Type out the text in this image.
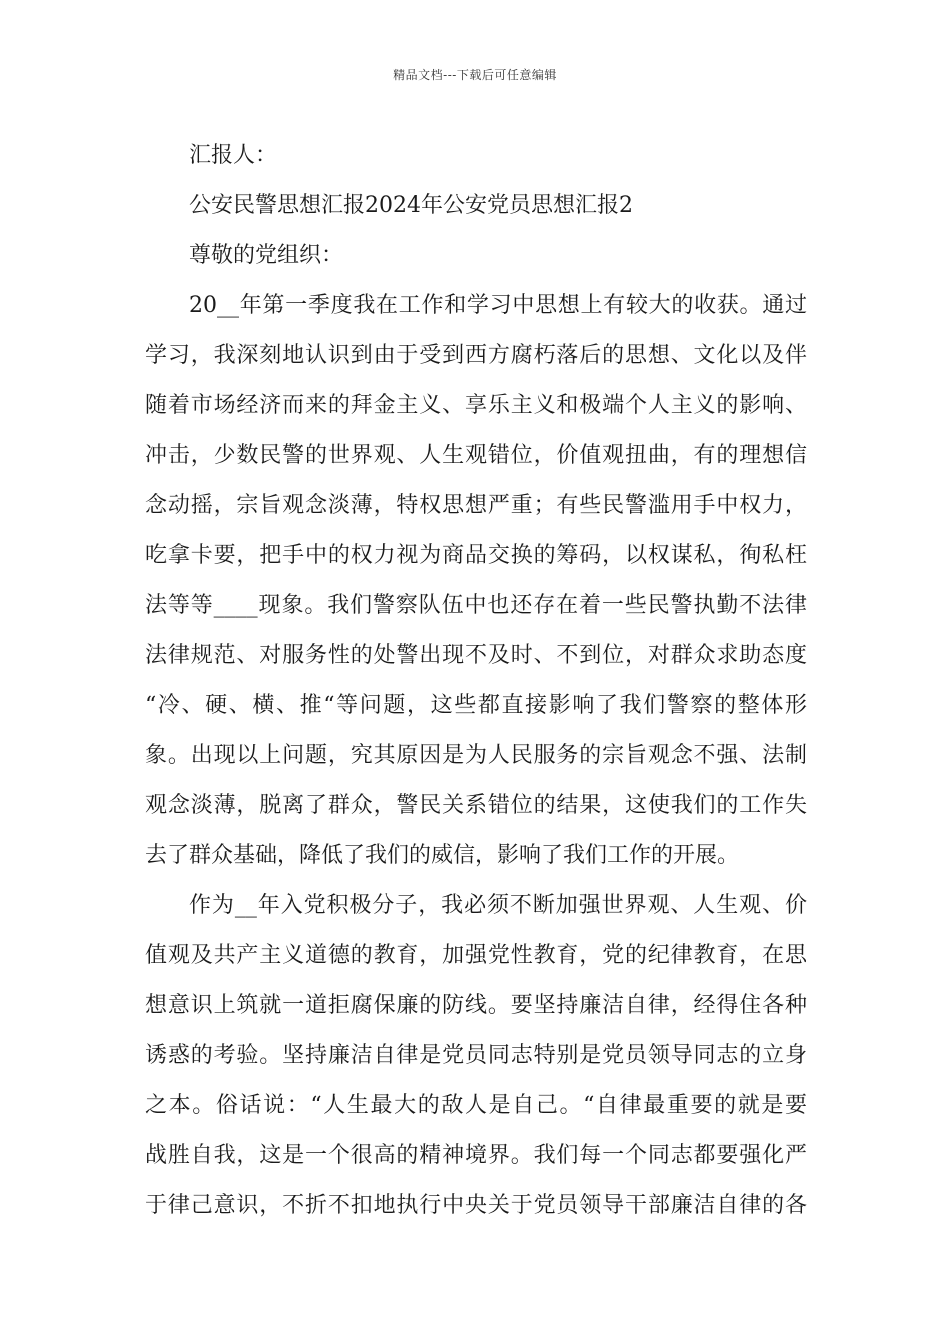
精品文档---下载后可任意编辑

汇报人：

公安民警思想汇报2024年公安党员思想汇报2

尊敬的党组织：

20__年第一季度我在工作和学习中思想上有较大的收获。通过

学习，我深刻地认识到由于受到西方腐朽落后的思想、文化以及伴

随着市场经济而来的拜金主义、享乐主义和极端个人主义的影响、

冲击，少数民警的世界观、人生观错位，价值观扭曲，有的理想信

念动摇，宗旨观念淡薄，特权思想严重；有些民警滥用手中权力，

吃拿卡要，把手中的权力视为商品交换的筹码，以权谋私，徇私枉

法等等____现象。我们警察队伍中也还存在着一些民警执勤不法律

法律规范、对服务性的处警出现不及时、不到位，对群众求助态度

“冷、硬、横、推“等问题，这些都直接影响了我们警察的整体形

象。出现以上问题，究其原因是为人民服务的宗旨观念不强、法制

观念淡薄，脱离了群众，警民关系错位的结果，这使我们的工作失

去了群众基础，降低了我们的威信，影响了我们工作的开展。

作为__年入党积极分子，我必须不断加强世界观、人生观、价

值观及共产主义道德的教育，加强党性教育，党的纪律教育，在思

想意识上筑就一道拒腐保廉的防线。要坚持廉洁自律，经得住各种

诱惑的考验。坚持廉洁自律是党员同志特别是党员领导同志的立身

之本。俗话说：“人生最大的敌人是自己。“自律最重要的就是要

战胜自我，这是一个很高的精神境界。我们每一个同志都要强化严

于律己意识，不折不扣地执行中央关于党员领导干部廉洁自律的各
